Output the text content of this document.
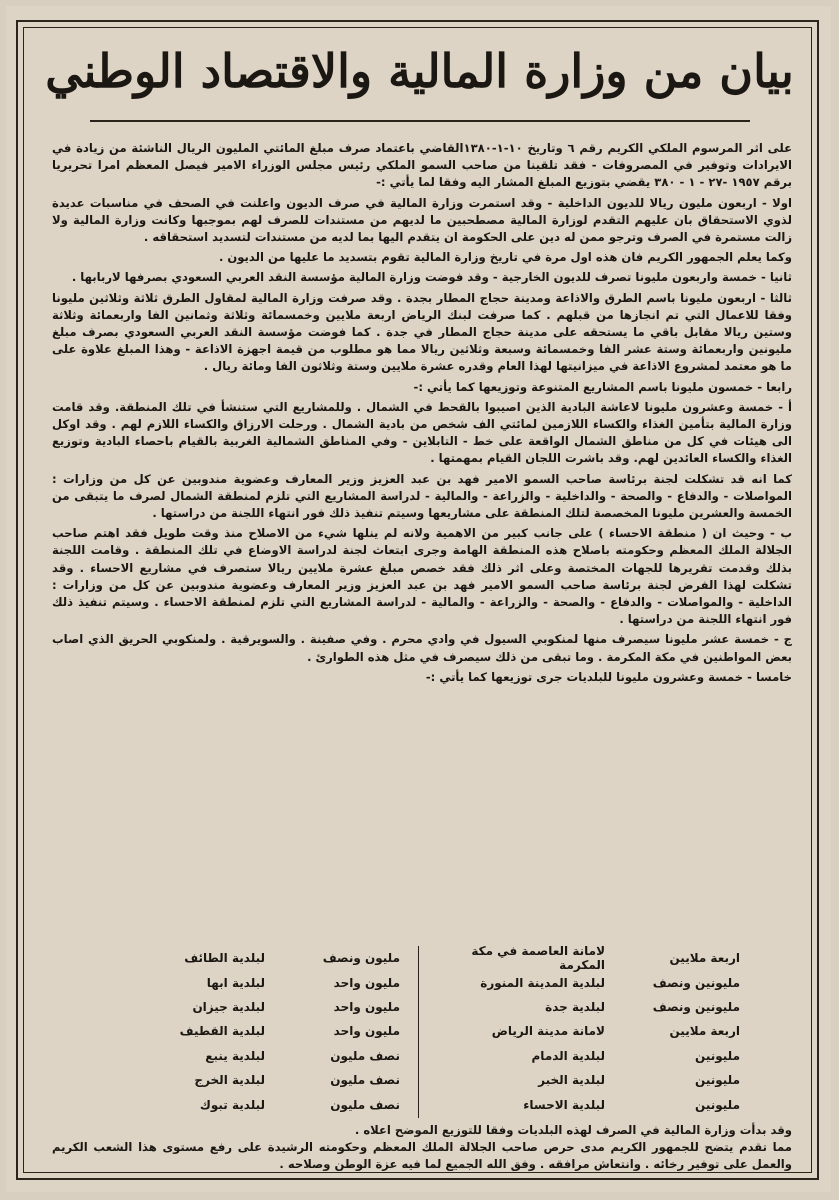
بيان من وزارة المالية والاقتصاد الوطني

على اثر المرسوم الملكي الكريم رقم ٦ وتاريخ ١٠-١-١٣٨٠القاضي باعتماد صرف مبلغ المائتي المليون الريال الناشئة من زيادة في الايرادات وتوفير في المصروفات - فقد تلقينا من صاحب السمو الملكي رئيس مجلس الوزراء الامير فيصل المعظم امرا تحريريا برقم ١٩٥٧ -٢٧ - ١ - ٣٨٠ يقضي بتوزيع المبلغ المشار اليه وفقا لما يأتي :-

اولا - اربعون مليون ريالا للديون الداخلية - وقد استمرت وزارة المالية في صرف الديون واعلنت في الصحف في مناسبات عديدة لذوي الاستحقاق بان عليهم التقدم لوزارة المالية مصطحبين ما لديهم من مستندات للصرف لهم بموجبها وكانت وزارة المالية ولا زالت مستمرة في الصرف وترجو ممن له دين على الحكومة ان يتقدم اليها بما لديه من مستندات لتسديد استحقاقه .

وكما يعلم الجمهور الكريم فان هذه اول مرة في تاريخ وزارة المالية تقوم بتسديد ما عليها من الديون .

ثانيا - خمسة واربعون مليونا تصرف للديون الخارجية - وقد فوضت وزارة المالية مؤسسة النقد العربي السعودي بصرفها لاربابها .

ثالثا - اربعون مليونا باسم الطرق والاذاعة ومدينة حجاج المطار بجدة . وقد صرفت وزارة المالية لمقاول الطرق ثلاثة وثلاثين مليونا وفقا للاعمال التي تم انجازها من قبلهم . كما صرفت لبنك الرياض اربعة ملايين وخمسمائة وثلاثة وثمانين الفا واربعمائة وثلاثة وستين ريالا مقابل باقي ما يستحقه على مدينة حجاج المطار في جدة . كما فوضت مؤسسة النقد العربي السعودي بصرف مبلغ مليونين واربعمائة وستة عشر الفا وخمسمائة وسبعة وثلاثين ريالا مما هو مطلوب من قيمة اجهزة الاذاعة - وهذا المبلغ علاوة على ما هو معتمد لمشروع الاذاعة في ميزانيتها لهذا العام وقدره عشرة ملايين وستة وثلاثون الفا ومائة ريال .

رابعا - خمسون مليونا باسم المشاريع المتنوعة وتوزيعها كما يأتي :-

أ - خمسة وعشرون مليونا لاعاشة البادية الذين اصيبوا بالقحط في الشمال . وللمشاريع التي ستنشأ في تلك المنطقة. وقد قامت وزارة المالية بتأمين الغذاء والكساء اللازمين لمائتي الف شخص من بادية الشمال . ورحلت الارزاق والكساء اللازم لهم . وقد اوكل الى هيئات في كل من مناطق الشمال الواقعة على خط - التابلاين - وفي المناطق الشمالية الغربية بالقيام باحصاء البادية وتوزيع الغذاء والكساء العائدين لهم. وقد باشرت اللجان القيام بمهمتها .

كما انه قد تشكلت لجنة برئاسة صاحب السمو الامير فهد بن عبد العزيز وزير المعارف وعضوية مندوبين عن كل من وزارات : المواصلات - والدفاع - والصحة - والداخلية - والزراعة - والمالية - لدراسة المشاريع التي تلزم لمنطقة الشمال لصرف ما يتبقى من الخمسة والعشرين مليونا المخصصة لتلك المنطقة على مشاريعها وسيتم تنفيذ ذلك فور انتهاء اللجنة من دراستها .

ب - وحيث ان ( منطقة الاحساء ) على جانب كبير من الاهمية ولانه لم ينلها شيء من الاصلاح منذ وقت طويل فقد اهتم صاحب الجلالة الملك المعظم وحكومته باصلاح هذه المنطقة الهامة وجرى ابتعاث لجنة لدراسة الاوضاع في تلك المنطقة . وقامت اللجنة بذلك وقدمت تقريرها للجهات المختصة وعلى اثر ذلك فقد خصص مبلغ عشرة ملايين ريالا ستصرف في مشاريع الاحساء . وقد تشكلت لهذا الفرض لجنة برئاسة صاحب السمو الامير فهد بن عبد العزيز وزير المعارف وعضوية مندوبين عن كل من وزارات : الداخلية - والمواصلات - والدفاع - والصحة - والزراعة - والمالية - لدراسة المشاريع التي تلزم لمنطقة الاحساء . وسيتم تنفيذ ذلك فور انتهاء اللجنة من دراستها .

ج - خمسة عشر مليونا سيصرف منها لمنكوبي السيول في وادي محرم . وفي صفينة . والسويرقية . ولمنكوبي الحريق الذي اصاب بعض المواطنين في مكة المكرمة . وما تبقى من ذلك سيصرف في مثل هذه الطوارئ .

خامسا - خمسة وعشرون مليونا للبلديات جرى توزيعها كما يأتي :-

اربعة ملايين
لامانة العاصمة في مكة المكرمة
مليونين ونصف
لبلدية المدينة المنورة
مليونين ونصف
لبلدية جدة
اربعة ملايين
لامانة مدينة الرياض
مليونين
لبلدية الدمام
مليونين
لبلدية الخبر
مليونين
لبلدية الاحساء
مليون ونصف
لبلدية الطائف
مليون واحد
لبلدية ابها
مليون واحد
لبلدية جيزان
مليون واحد
لبلدية القطيف
نصف مليون
لبلدية ينبع
نصف مليون
لبلدية الخرج
نصف مليون
لبلدية تبوك

وقد بدأت وزارة المالية في الصرف لهذه البلديات وفقا للتوزيع الموضح اعلاه .

مما تقدم يتضح للجمهور الكريم مدى حرص صاحب الجلالة الملك المعظم وحكومته الرشيدة على رفع مستوى هذا الشعب الكريم والعمل على توفير رخائه . وانتعاش مرافقه . وفق الله الجميع لما فيه عزة الوطن وصلاحه .
